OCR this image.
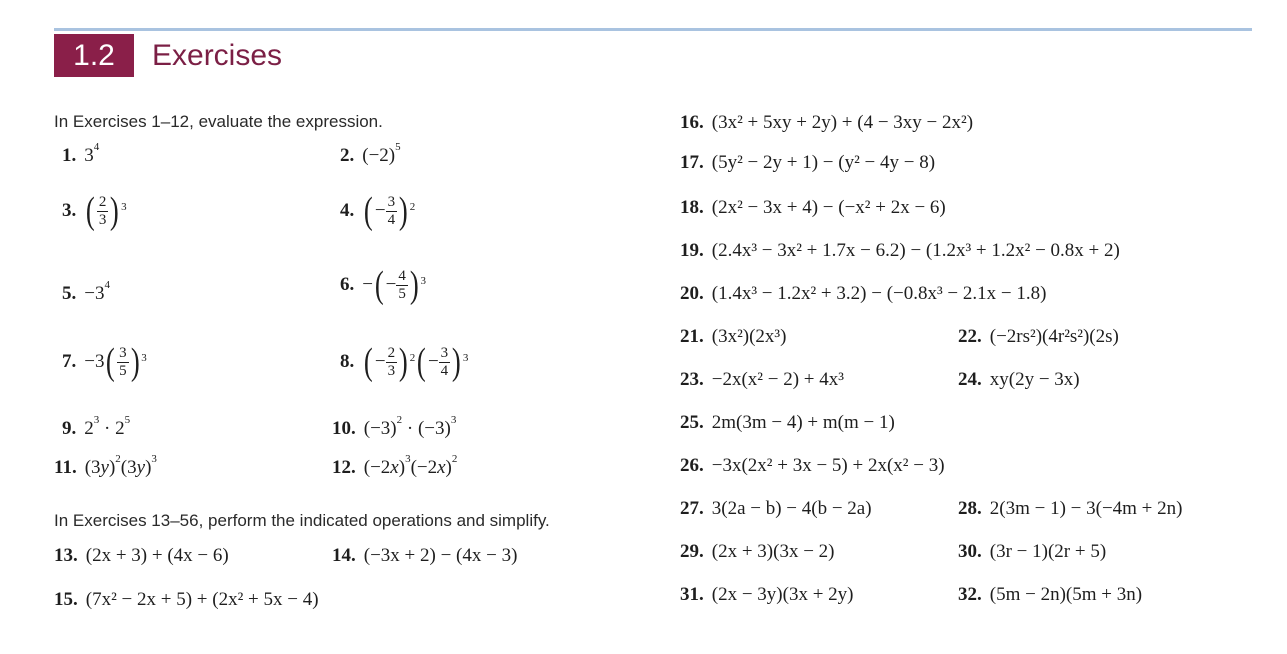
1.2	Exercises
In Exercises 1–12, evaluate the expression.
In Exercises 13–56, perform the indicated operations and simplify.
1. $3^4$	2. $(-2)^5$
3. ( $\frac{2}{3}$ ) 3	4. ( − $\frac{3}{4}$ ) 2
5. $-3^4$	6. − ( − $\frac{4}{5}$ ) 3
7. −3 ( $\frac{3}{5}$ ) 3	8. ( − $\frac{2}{3}$ ) 2 ( − $\frac{3}{4}$ ) 3
9. $2^3 \cdot 2^5$	10. $(-3)^2 \cdot (-3)^3$
11. $(3y)^2(3y)^3$	12. $(-2x)^3(-2x)^2$
13. (2x + 3) + (4x − 6)	14. (−3x + 2) − (4x − 3)
15. (7x² − 2x + 5) + (2x² + 5x − 4)
16. (3x² + 5xy + 2y) + (4 − 3xy − 2x²)
17. (5y² − 2y + 1) − (y² − 4y − 8)
18. (2x² − 3x + 4) − (−x² + 2x − 6)
19. (2.4x³ − 3x² + 1.7x − 6.2) − (1.2x³ + 1.2x² − 0.8x + 2)
20. (1.4x³ − 1.2x² + 3.2) − (−0.8x³ − 2.1x − 1.8)
21. (3x²)(2x³)	22. (−2rs²)(4r²s²)(2s)
23. −2x(x² − 2) + 4x³	24. xy(2y − 3x)
25. 2m(3m − 4) + m(m − 1)
26. −3x(2x² + 3x − 5) + 2x(x² − 3)
27. 3(2a − b) − 4(b − 2a)	28. 2(3m − 1) − 3(−4m + 2n)
29. (2x + 3)(3x − 2)	30. (3r − 1)(2r + 5)
31. (2x − 3y)(3x + 2y)	32. (5m − 2n)(5m + 3n)
